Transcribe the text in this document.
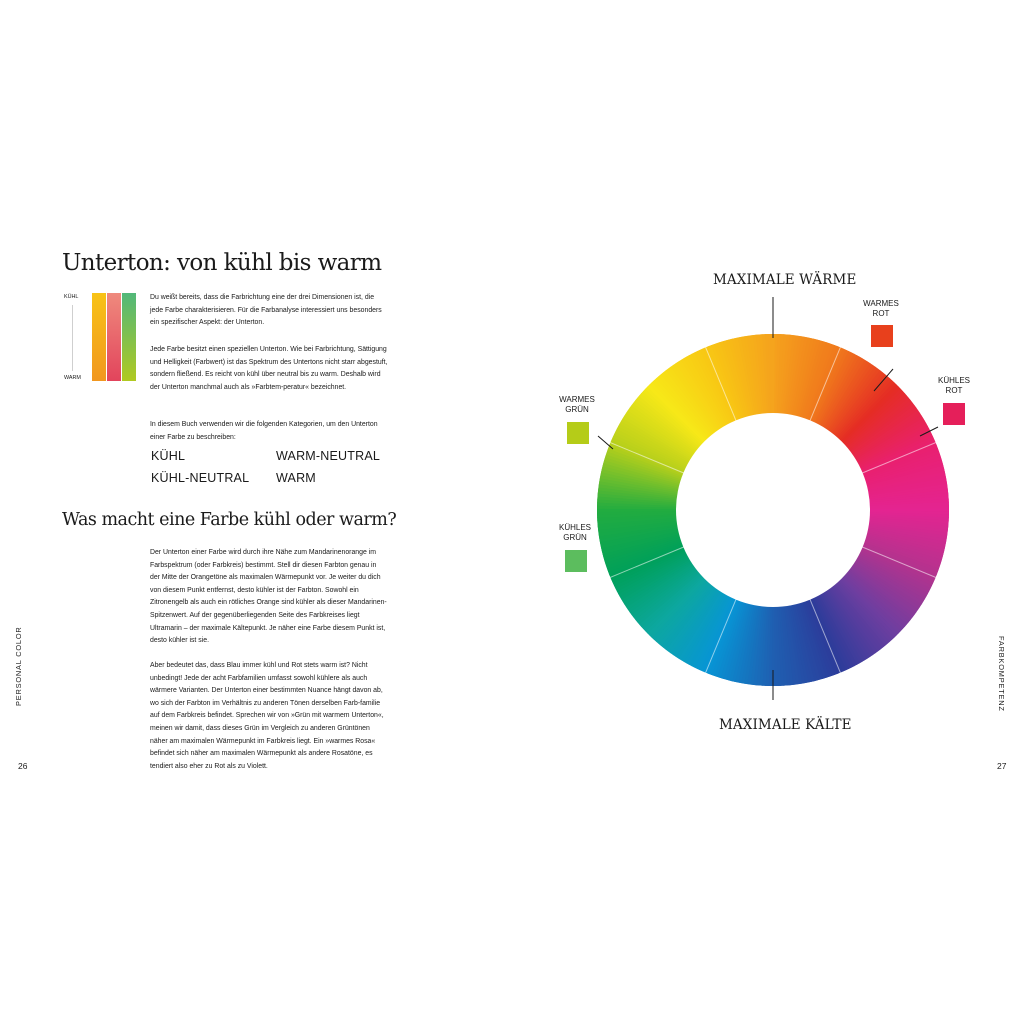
Unterton: von kühl bis warm
KÜHL
WARM

Du weißt bereits, dass die Farbrichtung eine der drei Dimensionen ist, die jede Farbe charakterisieren. Für die Farbanalyse interessiert uns besonders ein spezifischer Aspekt: der Unterton.

Jede Farbe besitzt einen speziellen Unterton. Wie bei Farbrichtung, Sättigung und Helligkeit (Farbwert) ist das Spektrum des Untertons nicht starr abgestuft, sondern fließend. Es reicht von kühl über neutral bis zu warm. Deshalb wird der Unterton manchmal auch als »Farbtem-peratur« bezeichnet.

In diesem Buch verwenden wir die folgenden Kategorien, um den Unterton einer Farbe zu beschreiben:

KÜHL	WARM-NEUTRAL
KÜHL-NEUTRAL WARM
Was macht eine Farbe kühl oder warm?

Der Unterton einer Farbe wird durch ihre Nähe zum Mandarinenorange im Farbspektrum (oder Farbkreis) bestimmt. Stell dir diesen Farbton genau in der Mitte der Orangetöne als maximalen Wärmepunkt vor. Je weiter du dich von diesem Punkt entfernst, desto kühler ist der Farbton. Sowohl ein Zitronengelb als auch ein rötliches Orange sind kühler als dieser Mandarinen-Spitzenwert. Auf der gegenüberliegenden Seite des Farbkreises liegt Ultramarin – der maximale Kältepunkt. Je näher eine Farbe diesem Punkt ist, desto kühler ist sie.

Aber bedeutet das, dass Blau immer kühl und Rot stets warm ist? Nicht unbedingt! Jede der acht Farbfamilien umfasst sowohl kühlere als auch wärmere Varianten. Der Unterton einer bestimmten Nuance hängt davon ab, wo sich der Farbton im Verhältnis zu anderen Tönen derselben Farb-familie auf dem Farbkreis befindet. Sprechen wir von »Grün mit warmem Unterton«, meinen wir damit, dass dieses Grün im Vergleich zu anderen Grüntönen näher am maximalen Wärmepunkt im Farbkreis liegt. Ein »warmes Rosa« befindet sich näher am maximalen Wärmepunkt als andere Rosatöne, es tendiert also eher zu Rot als zu Violett.

PERSONAL COLOR
26
MAXIMALE WÄRME
MAXIMALE KÄLTE
WARMES
ROT
KÜHLES
ROT
WARMES
GRÜN
KÜHLES
GRÜN
FARBKOMPETENZ
27
